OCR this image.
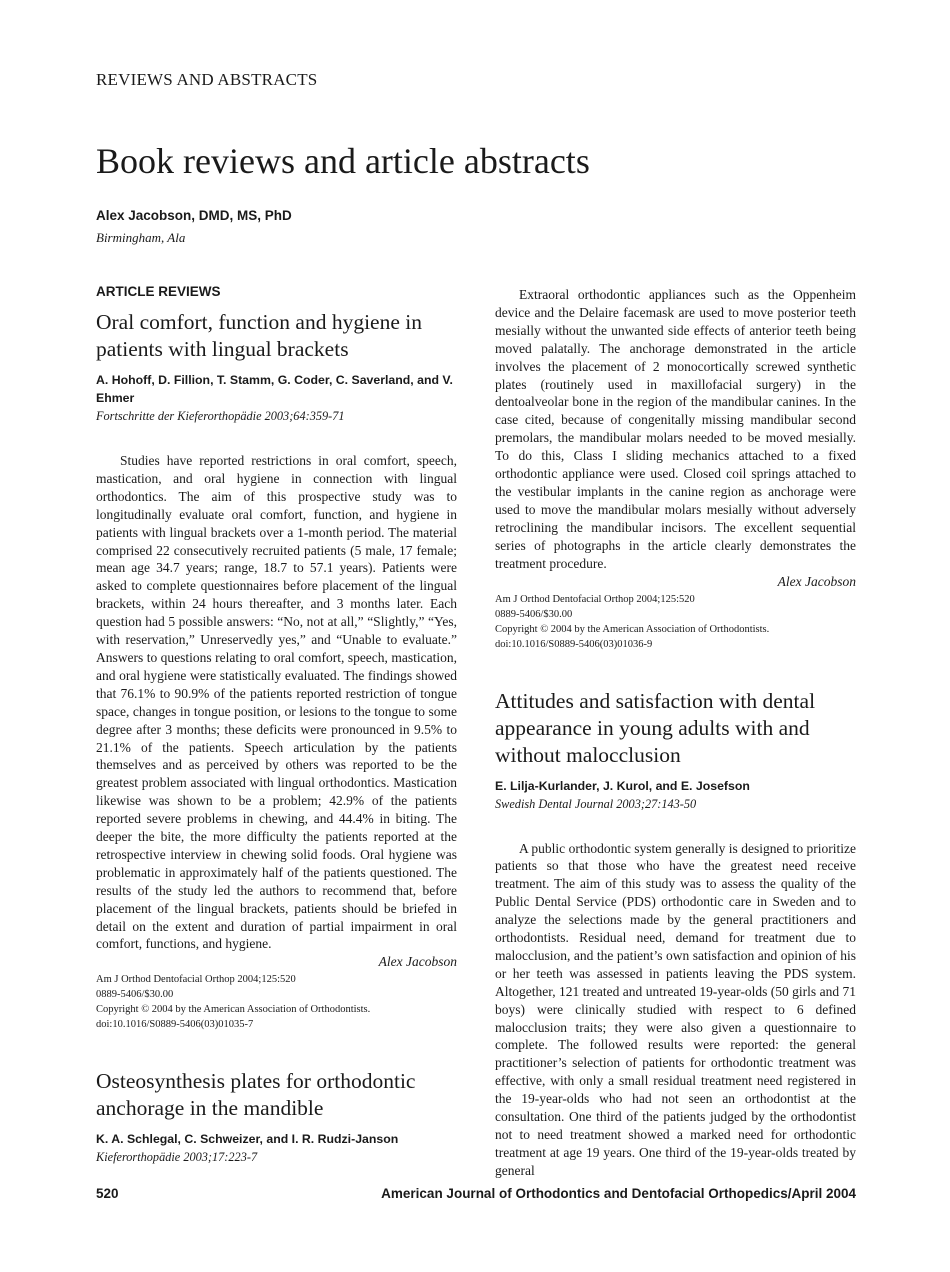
REVIEWS AND ABSTRACTS
Book reviews and article abstracts
Alex Jacobson, DMD, MS, PhD
Birmingham, Ala
ARTICLE REVIEWS
Oral comfort, function and hygiene in patients with lingual brackets

A. Hohoff, D. Fillion, T. Stamm, G. Coder, C. Saverland, and V. Ehmer

Fortschritte der Kieferorthopädie 2003;64:359-71

Studies have reported restrictions in oral comfort, speech, mastication, and oral hygiene in connection with lingual orthodontics. The aim of this prospective study was to longitudinally evaluate oral comfort, function, and hygiene in patients with lingual brackets over a 1-month period. The material comprised 22 consecutively recruited patients (5 male, 17 female; mean age 34.7 years; range, 18.7 to 57.1 years). Patients were asked to complete questionnaires before placement of the lingual brackets, within 24 hours thereafter, and 3 months later. Each question had 5 possible answers: “No, not at all,” “Slightly,” “Yes, with reservation,” Unreservedly yes,” and “Unable to evaluate.” Answers to questions relating to oral comfort, speech, mastication, and oral hygiene were statistically evaluated. The findings showed that 76.1% to 90.9% of the patients reported restriction of tongue space, changes in tongue position, or lesions to the tongue to some degree after 3 months; these deficits were pronounced in 9.5% to 21.1% of the patients. Speech articulation by the patients themselves and as perceived by others was reported to be the greatest problem associated with lingual orthodontics. Mastication likewise was shown to be a problem; 42.9% of the patients reported severe problems in chewing, and 44.4% in biting. The deeper the bite, the more difficulty the patients reported at the retrospective interview in chewing solid foods. Oral hygiene was problematic in approximately half of the patients questioned. The results of the study led the authors to recommend that, before placement of the lingual brackets, patients should be briefed in detail on the extent and duration of partial impairment in oral comfort, functions, and hygiene.

Alex Jacobson

Am J Orthod Dentofacial Orthop 2004;125:520

0889-5406/$30.00

Copyright © 2004 by the American Association of Orthodontists.

doi:10.1016/S0889-5406(03)01035-7

Osteosynthesis plates for orthodontic anchorage in the mandible

K. A. Schlegal, C. Schweizer, and I. R. Rudzi-Janson

Kieferorthopädie 2003;17:223-7

Extraoral orthodontic appliances such as the Oppenheim device and the Delaire facemask are used to move posterior teeth mesially without the unwanted side effects of anterior teeth being moved palatally. The anchorage demonstrated in the article involves the placement of 2 monocortically screwed synthetic plates (routinely used in maxillofacial surgery) in the dentoalveolar bone in the region of the mandibular canines. In the case cited, because of congenitally missing mandibular second premolars, the mandibular molars needed to be moved mesially. To do this, Class I sliding mechanics attached to a fixed orthodontic appliance were used. Closed coil springs attached to the vestibular implants in the canine region as anchorage were used to move the mandibular molars mesially without adversely retroclining the mandibular incisors. The excellent sequential series of photographs in the article clearly demonstrates the treatment procedure.

Alex Jacobson

Am J Orthod Dentofacial Orthop 2004;125:520

0889-5406/$30.00

Copyright © 2004 by the American Association of Orthodontists.

doi:10.1016/S0889-5406(03)01036-9

Attitudes and satisfaction with dental appearance in young adults with and without malocclusion

E. Lilja-Kurlander, J. Kurol, and E. Josefson

Swedish Dental Journal 2003;27:143-50

A public orthodontic system generally is designed to prioritize patients so that those who have the greatest need receive treatment. The aim of this study was to assess the quality of the Public Dental Service (PDS) orthodontic care in Sweden and to analyze the selections made by the general practitioners and orthodontists. Residual need, demand for treatment due to malocclusion, and the patient’s own satisfaction and opinion of his or her teeth was assessed in patients leaving the PDS system. Altogether, 121 treated and untreated 19-year-olds (50 girls and 71 boys) were clinically studied with respect to 6 defined malocclusion traits; they were also given a questionnaire to complete. The followed results were reported: the general practitioner’s selection of patients for orthodontic treatment was effective, with only a small residual treatment need registered in the 19-year-olds who had not seen an orthodontist at the consultation. One third of the patients judged by the orthodontist not to need treatment showed a marked need for orthodontic treatment at age 19 years. One third of the 19-year-olds treated by general

520	American Journal of Orthodontics and Dentofacial Orthopedics/April 2004
